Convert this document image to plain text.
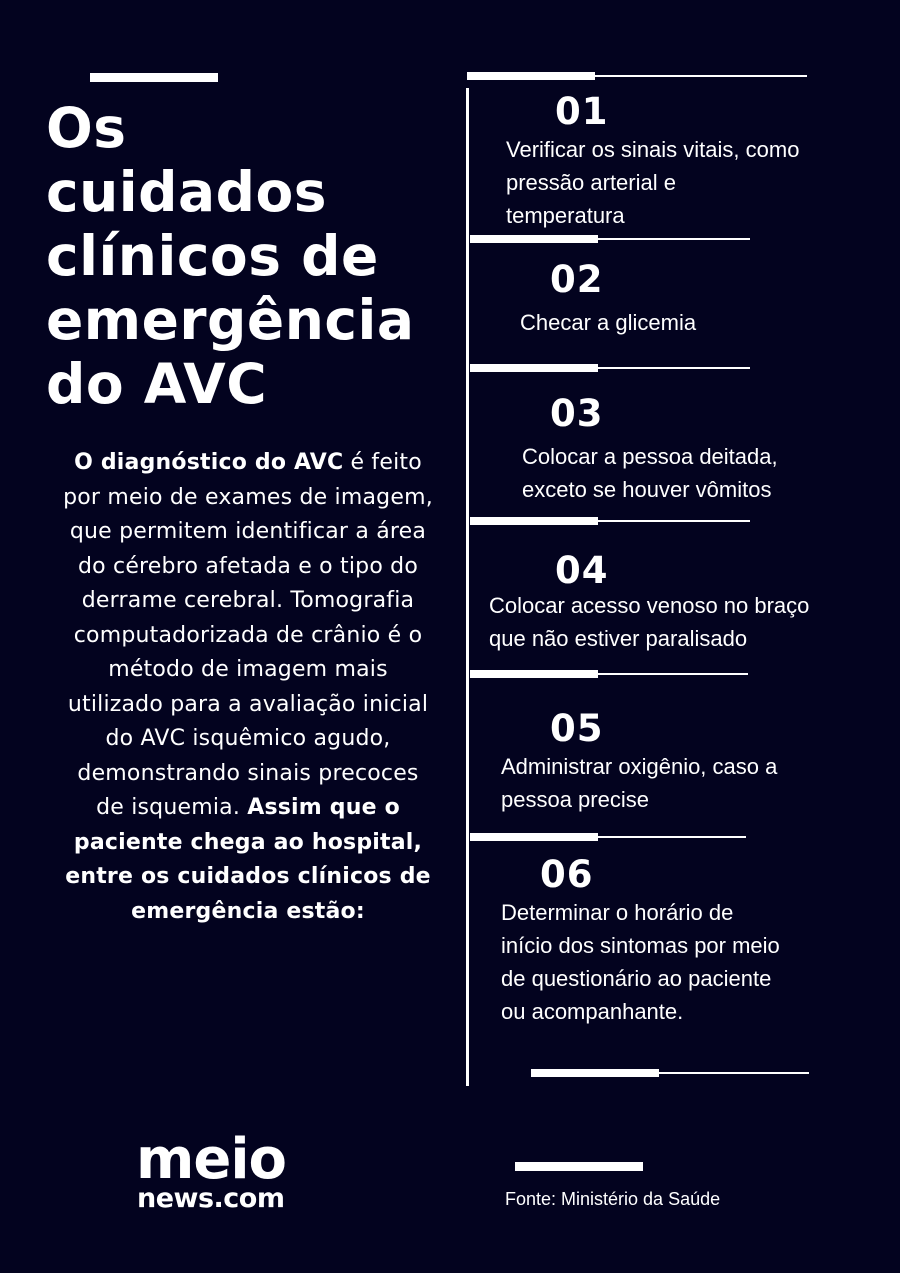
Os
cuidados
clínicos de
emergência
do AVC
O diagnóstico do AVC é feito por meio de exames de imagem, que permitem identificar a área do cérebro afetada e o tipo do derrame cerebral. Tomografia computadorizada de crânio é o método de imagem mais utilizado para a avaliação inicial do AVC isquêmico agudo, demonstrando sinais precoces de isquemia. Assim que o paciente chega ao hospital, entre os cuidados clínicos de emergência estão:
01
Verificar os sinais vitais, como
pressão arterial e
temperatura
02
Checar a glicemia
03
Colocar a pessoa deitada,
exceto se houver vômitos
04
Colocar acesso venoso no braço
que não estiver paralisado
05
Administrar oxigênio, caso a
pessoa precise
06
Determinar o horário de
início dos sintomas por meio
de questionário ao paciente
ou acompanhante.
meio
news.com	Fonte: Ministério da Saúde
